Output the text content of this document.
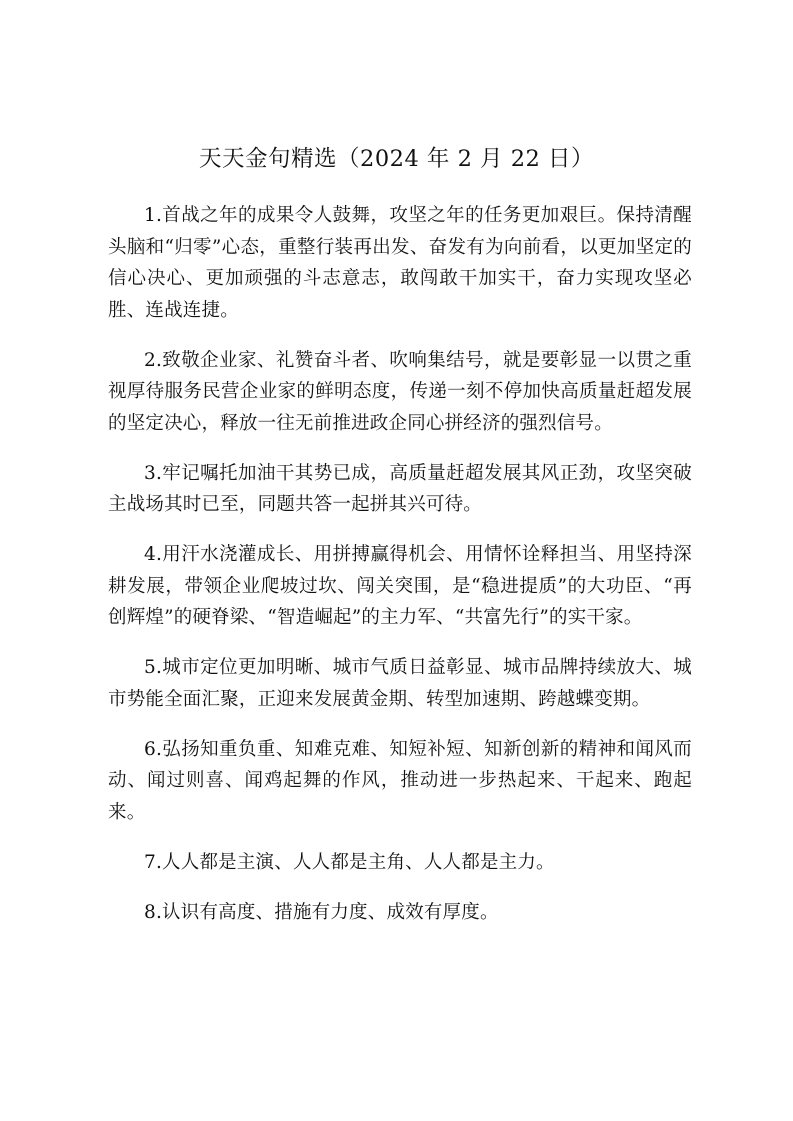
天天金句精选（2024 年 2 月 22 日）

1.首战之年的成果令人鼓舞，攻坚之年的任务更加艰巨。保持清醒头脑和“归零”心态，重整行装再出发、奋发有为向前看，以更加坚定的信心决心、更加顽强的斗志意志，敢闯敢干加实干，奋力实现攻坚必胜、连战连捷。

2.致敬企业家、礼赞奋斗者、吹响集结号，就是要彰显一以贯之重视厚待服务民营企业家的鲜明态度，传递一刻不停加快高质量赶超发展的坚定决心，释放一往无前推进政企同心拼经济的强烈信号。

3.牢记嘱托加油干其势已成，高质量赶超发展其风正劲，攻坚突破主战场其时已至，同题共答一起拼其兴可待。

4.用汗水浇灌成长、用拼搏赢得机会、用情怀诠释担当、用坚持深耕发展，带领企业爬坡过坎、闯关突围，是“稳进提质”的大功臣、“再创辉煌”的硬脊梁、“智造崛起”的主力军、“共富先行”的实干家。

5.城市定位更加明晰、城市气质日益彰显、城市品牌持续放大、城市势能全面汇聚，正迎来发展黄金期、转型加速期、跨越蝶变期。

6.弘扬知重负重、知难克难、知短补短、知新创新的精神和闻风而动、闻过则喜、闻鸡起舞的作风，推动进一步热起来、干起来、跑起来。

7.人人都是主演、人人都是主角、人人都是主力。

8.认识有高度、措施有力度、成效有厚度。
